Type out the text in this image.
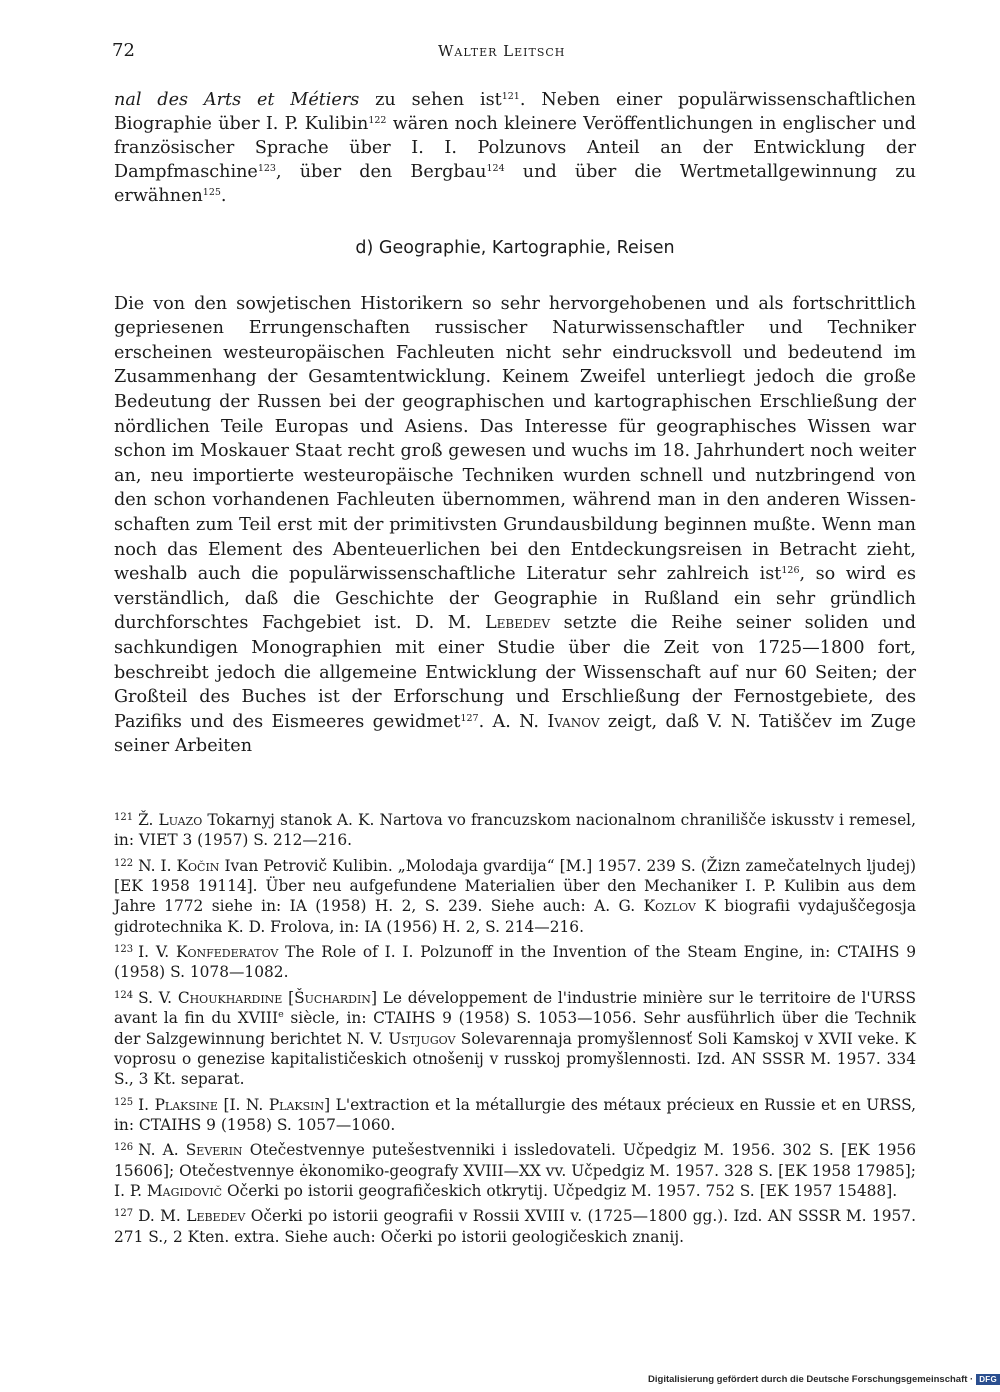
72	Walter Leitsch

nal des Arts et Métiers zu sehen ist$^{121}$. Neben einer populärwissenschaftlichen Biographie über I. P. Kulibin$^{122}$ wären noch kleinere Veröffentlichungen in englischer und französischer Sprache über I. I. Polzunovs Anteil an der Entwicklung der Dampfmaschine$^{123}$, über den Bergbau$^{124}$ und über die Wertmetallgewinnung zu erwähnen$^{125}$.

d) Geographie, Kartographie, Reisen

Die von den sowjetischen Historikern so sehr hervorgehobenen und als fortschrittlich gepriesenen Errungenschaften russischer Naturwissenschaftler und Techniker erscheinen westeuropäischen Fachleuten nicht sehr eindrucksvoll und bedeutend im Zusammenhang der Gesamtentwicklung. Keinem Zweifel unterliegt jedoch die große Bedeutung der Russen bei der geographischen und kartographischen Erschließung der nördlichen Teile Europas und Asiens. Das Interesse für geographisches Wissen war schon im Moskauer Staat recht groß gewesen und wuchs im 18. Jahrhundert noch weiter an, neu importierte westeuropäische Techniken wurden schnell und nutzbringend von den schon vorhandenen Fachleuten übernommen, während man in den anderen Wissenschaften zum Teil erst mit der primitivsten Grundausbildung beginnen mußte. Wenn man noch das Element des Abenteuerlichen bei den Entdeckungsreisen in Betracht zieht, weshalb auch die populärwissenschaftliche Literatur sehr zahlreich ist$^{126}$, so wird es verständlich, daß die Geschichte der Geographie in Rußland ein sehr gründlich durchforschtes Fachgebiet ist. D. M. Lebedev setzte die Reihe seiner soliden und sachkundigen Monographien mit einer Studie über die Zeit von 1725—1800 fort, beschreibt jedoch die allgemeine Entwicklung der Wissenschaft auf nur 60 Seiten; der Großteil des Buches ist der Erforschung und Erschließung der Fernostgebiete, des Pazifiks und des Eismeeres gewidmet$^{127}$. A. N. Ivanov zeigt, daß V. N. Tatiščev im Zuge seiner Arbeiten

$^{121}$ Ž. Luazo Tokarnyj stanok A. K. Nartova vo francuzskom nacionalnom chranilišče iskusstv i remesel, in: VIET 3 (1957) S. 212—216.

$^{122}$ N. I. Kočin Ivan Petrovič Kulibin. „Molodaja gvardija“ [M.] 1957. 239 S. (Žizn zamečatelnych ljudej) [EK 1958 19114]. Über neu aufgefundene Materialien über den Mechaniker I. P. Kulibin aus dem Jahre 1772 siehe in: IA (1958) H. 2, S. 239. Siehe auch: A. G. Kozlov K biografii vydajuščegosja gidrotechnika K. D. Frolova, in: IA (1956) H. 2, S. 214—216.

$^{123}$ I. V. Konfederatov The Role of I. I. Polzunoff in the Invention of the Steam Engine, in: CTAIHS 9 (1958) S. 1078—1082.

$^{124}$ S. V. Choukhardine [Šuchardin] Le développement de l'industrie minière sur le territoire de l'URSS avant la fin du XVIIIe siècle, in: CTAIHS 9 (1958) S. 1053—1056. Sehr ausführlich über die Technik der Salzgewinnung berichtet N. V. Ustjugov Solevarennaja promyšlennosť Soli Kamskoj v XVII veke. K voprosu o genezise kapitalističeskich otnošenij v russkoj promyšlennosti. Izd. AN SSSR M. 1957. 334 S., 3 Kt. separat.

$^{125}$ I. Plaksine [I. N. Plaksin] L'extraction et la métallurgie des métaux précieux en Russie et en URSS, in: CTAIHS 9 (1958) S. 1057—1060.

$^{126}$ N. A. Severin Otečestvennye putešestvenniki i issledovateli. Učpedgiz M. 1956. 302 S. [EK 1956 15606]; Otečestvennye ėkonomiko-geografy XVIII—XX vv. Učpedgiz M. 1957. 328 S. [EK 1958 17985]; I. P. Magidovič Očerki po istorii geografičeskich otkrytij. Učpedgiz M. 1957. 752 S. [EK 1957 15488].

$^{127}$ D. M. Lebedev Očerki po istorii geografii v Rossii XVIII v. (1725—1800 gg.). Izd. AN SSSR M. 1957. 271 S., 2 Kten. extra. Siehe auch: Očerki po istorii geologičeskich znanij.

Digitalisierung gefördert durch die Deutsche Forschungsgemeinschaft · DFG
